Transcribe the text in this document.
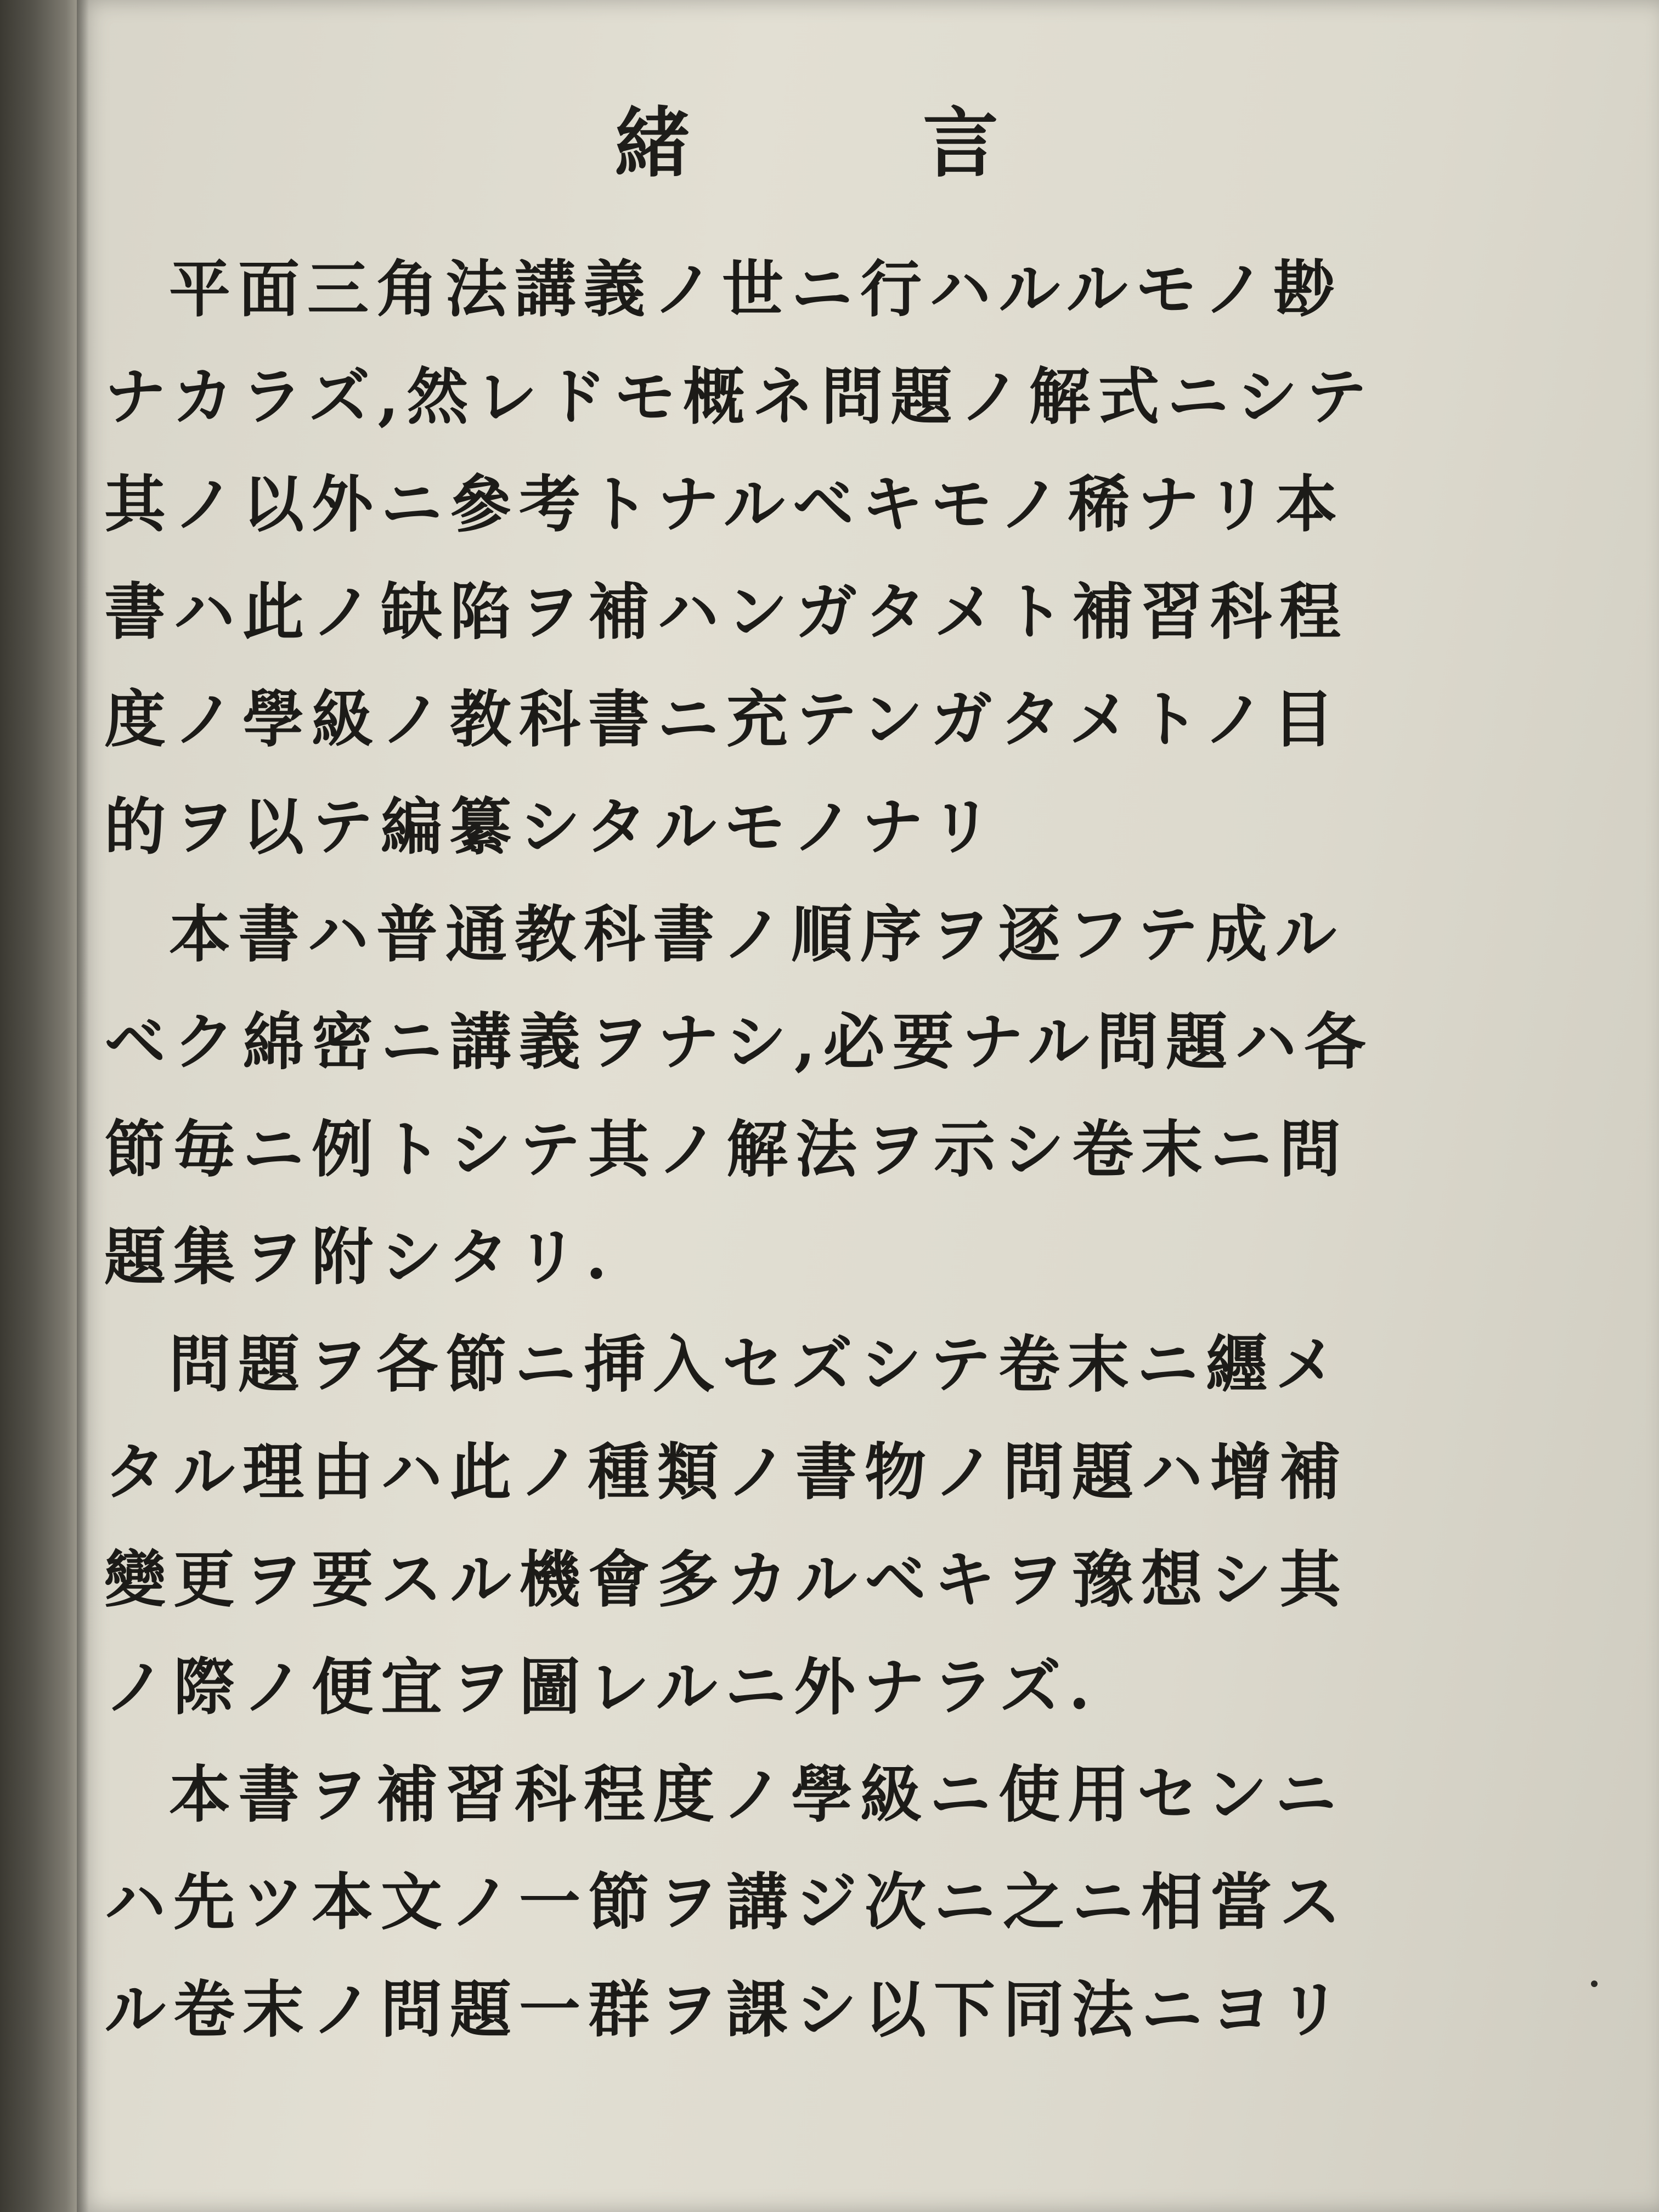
緒	言
平面三角法講義ノ世ニ行ハルルモノ尠
ナカラズ,然レドモ概ネ問題ノ解式ニシテ
其ノ以外ニ參考トナルベキモノ稀ナリ本
書ハ此ノ缺陷ヲ補ハンガタメト補習科程
度ノ學級ノ教科書ニ充テンガタメトノ目
的ヲ以テ編纂シタルモノナリ
本書ハ普通教科書ノ順序ヲ逐フテ成ル
ベク綿密ニ講義ヲナシ,必要ナル問題ハ各
節毎ニ例トシテ其ノ解法ヲ示シ卷末ニ問
題集ヲ附シタリ.
問題ヲ各節ニ挿入セズシテ卷末ニ纒メ
タル理由ハ此ノ種類ノ書物ノ問題ハ增補
變更ヲ要スル機會多カルベキヲ豫想シ其
ノ際ノ便宜ヲ圖レルニ外ナラズ.
本書ヲ補習科程度ノ學級ニ使用センニ
ハ先ツ本文ノ一節ヲ講ジ次ニ之ニ相當ス
ル卷末ノ問題一群ヲ課シ以下同法ニヨリ
